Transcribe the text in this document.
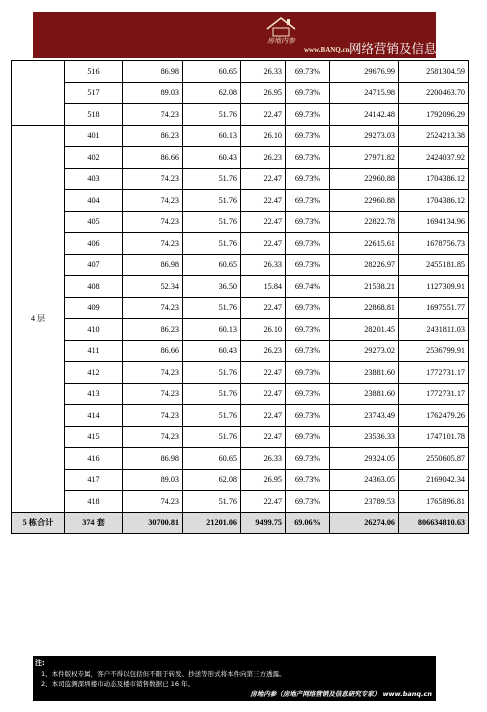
房地内参
www.BANQ.cn 网络营销及信息研究专家
	516	86.98	60.65	26.33	69.73%	29676.99	2581304.59
	517	89.03	62.08	26.95	69.73%	24715.98	2200463.70
	518	74.23	51.76	22.47	69.73%	24142.48	1792096.29
4 层	401	86.23	60.13	26.10	69.73%	29273.03	2524213.38
	402	86.66	60.43	26.23	69.73%	27971.82	2424037.92
	403	74.23	51.76	22.47	69.73%	22960.88	1704386.12
	404	74.23	51.76	22.47	69.73%	22960.88	1704386.12
	405	74.23	51.76	22.47	69.73%	22822.78	1694134.96
	406	74.23	51.76	22.47	69.73%	22615.61	1678756.73
	407	86.98	60.65	26.33	69.73%	28226.97	2455181.85
	408	52.34	36.50	15.84	69.74%	21538.21	1127309.91
	409	74.23	51.76	22.47	69.73%	22868.81	1697551.77
	410	86.23	60.13	26.10	69.73%	28201.45	2431811.03
	411	86.66	60.43	26.23	69.73%	29273.02	2536799.91
	412	74.23	51.76	22.47	69.73%	23881.60	1772731.17
	413	74.23	51.76	22.47	69.73%	23881.60	1772731.17
	414	74.23	51.76	22.47	69.73%	23743.49	1762479.26
	415	74.23	51.76	22.47	69.73%	23536.33	1747101.78
	416	86.98	60.65	26.33	69.73%	29324.05	2550605.87
	417	89.03	62.08	26.95	69.73%	24363.05	2169042.34
	418	74.23	51.76	22.47	69.73%	23789.53	1765896.81
5 栋合计	374 套	30700.81	21201.06	9499.75	69.06%	26274.06	806634810.63
注:
1、本件版权专属，客户不得以包括但不限于转发、抄送等形式将本件向第三方透露。
2、本司监测深圳楼市动态及楼市销售数据已 16 年。
房地内参（房地产网络营销及信息研究专家） www.banq.cn
14
